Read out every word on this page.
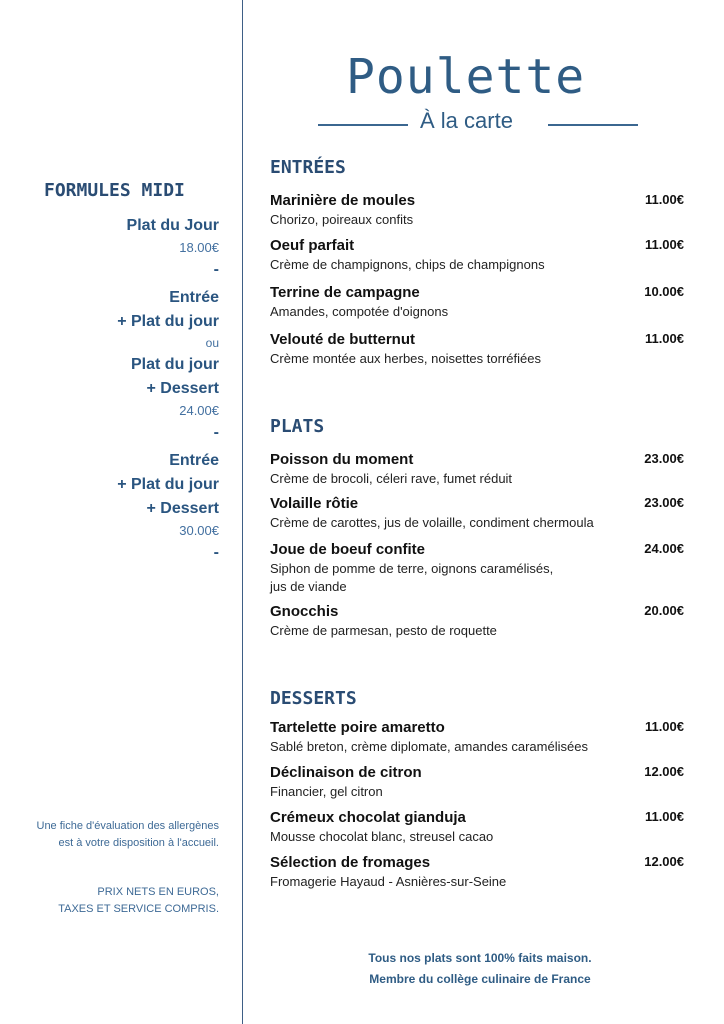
Poulette
À la carte
FORMULES MIDI
Plat du Jour
18.00€
-
Entrée
+ Plat du jour
ou
Plat du jour
+ Dessert
24.00€
-
Entrée
+ Plat du jour
+ Dessert
30.00€
-
Une fiche d'évaluation des allergènes
est à votre disposition à l'accueil.
PRIX NETS EN EUROS,
TAXES ET SERVICE COMPRIS.
ENTRÉES
Marinière de moules
Chorizo, poireaux confits
11.00€
Oeuf parfait
Crème de champignons, chips de champignons
11.00€
Terrine de campagne
Amandes, compotée d'oignons
10.00€
Velouté de butternut
Crème montée aux herbes, noisettes torréfiées
11.00€
PLATS
Poisson du moment
Crème de brocoli, céleri rave, fumet réduit
23.00€
Volaille rôtie
Crème de carottes, jus de volaille, condiment chermoula
23.00€
Joue de boeuf confite
Siphon de pomme de terre, oignons caramélisés,
jus de viande
24.00€
Gnocchis
Crème de parmesan, pesto de roquette
20.00€
DESSERTS
Tartelette poire amaretto
Sablé breton, crème diplomate, amandes caramélisées
11.00€
Déclinaison de citron
Financier, gel citron
12.00€
Crémeux chocolat gianduja
Mousse chocolat blanc, streusel cacao
11.00€
Sélection de fromages
Fromagerie Hayaud - Asnières-sur-Seine
12.00€
Tous nos plats sont 100% faits maison.
Membre du collège culinaire de France
